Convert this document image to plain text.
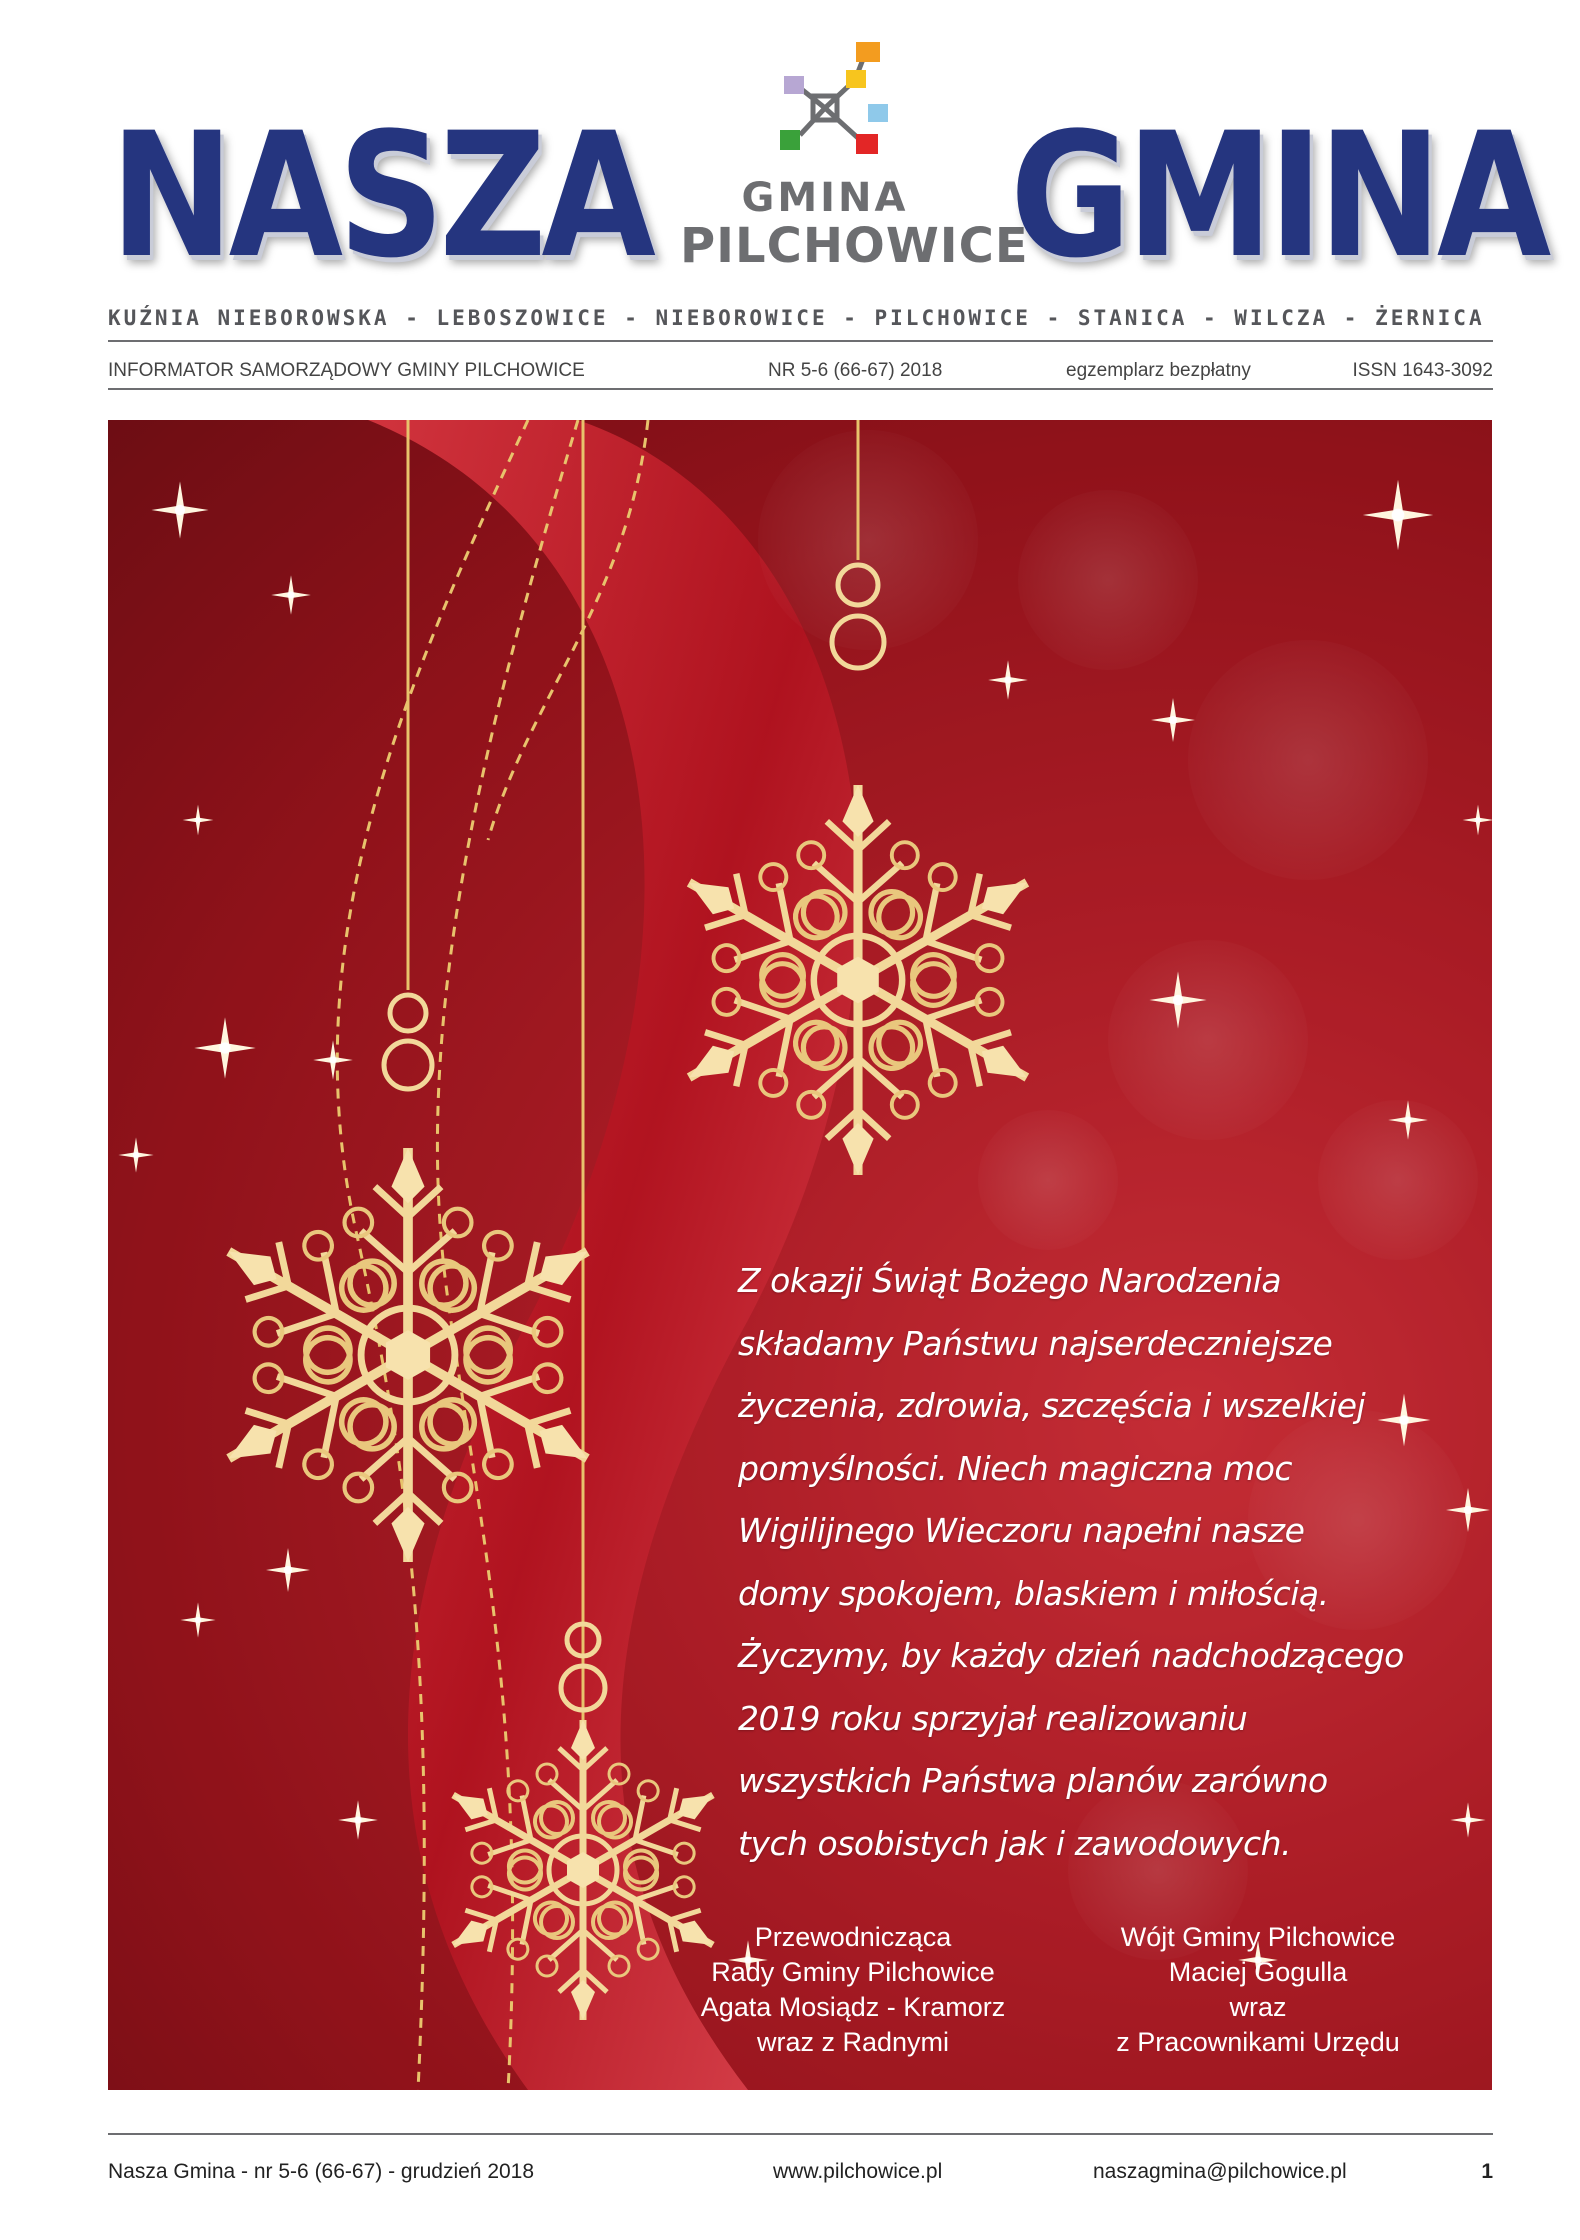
NASZA	GMINA
PILCHOWICE
GMINA
KUŹNIA NIEBOROWSKA - LEBOSZOWICE - NIEBOROWICE - PILCHOWICE - STANICA - WILCZA - ŻERNICA
INFORMATOR SAMORZĄDOWY GMINY PILCHOWICE	NR 5-6 (66-67) 2018	egzemplarz bezpłatny	ISSN 1643-3092
Z okazji Świąt Bożego Narodzenia
składamy Państwu najserdeczniejsze
życzenia, zdrowia, szczęścia i wszelkiej
pomyślności. Niech magiczna moc
Wigilijnego Wieczoru napełni nasze
domy spokojem, blaskiem i miłością.
Życzymy, by każdy dzień nadchodzącego
2019 roku sprzyjał realizowaniu
wszystkich Państwa planów zarówno
tych osobistych jak i zawodowych.
Przewodnicząca
Rady Gminy Pilchowice
Agata Mosiądz - Kramorz
wraz z Radnymi
Wójt Gminy Pilchowice
Maciej Gogulla
wraz
z Pracownikami Urzędu
Nasza Gmina - nr 5-6 (66-67) - grudzień 2018	www.pilchowice.pl	naszagmina@pilchowice.pl	1
